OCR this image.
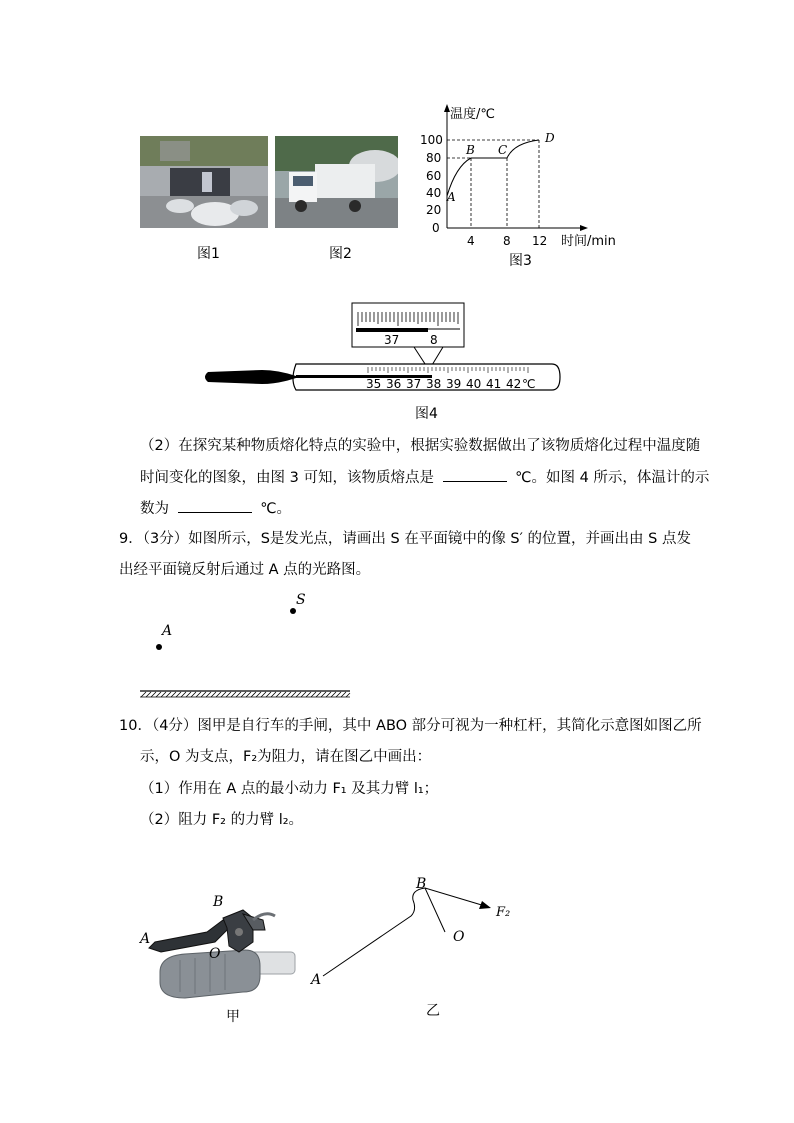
图1	图2
100
80
60
40
20
0
4 8 12
温度/℃
时间/min
A
B C
D
图3
37	8
35 36 37 38 39 40 41 42 ℃
图4
（2）在探究某种物质熔化特点的实验中，根据实验数据做出了该物质熔化过程中温度随
时间变化的图象，由图 3 可知，该物质熔点是	℃。如图 4 所示，体温计的示
数为	℃。
9．（3分）如图所示，S是发光点，请画出 S 在平面镜中的像 S′ 的位置，并画出由 S 点发
出经平面镜反射后通过 A 点的光路图。
S
A
10．（4分）图甲是自行车的手闸，其中 ABO 部分可视为一种杠杆，其简化示意图如图乙所
示，O 为支点，F₂为阻力，请在图乙中画出：
（1）作用在 A 点的最小动力 F₁ 及其力臂 l₁；
（2）阻力 F₂ 的力臂 l₂。
B
A
O
甲
A
B
O
F₂
乙
